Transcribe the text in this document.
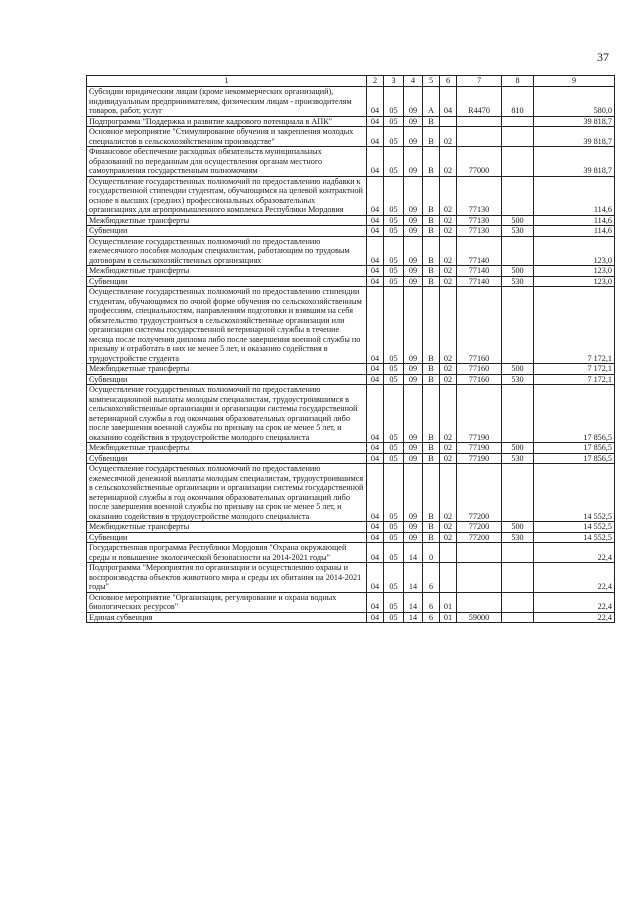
37
1	2	3	4	5	6	7	8	9
Субсидии юридическим лицам (кроме некоммерческих организаций), индивидуальным предпринимателям, физическим лицам - производителям товаров, работ, услуг	04	05	09	А	04	R4470	810	580,0
Подпрограмма "Поддержка и развитие кадрового потенциала в АПК"	04	05	09	В				39 818,7
Основное мероприятие "Стимулирование обучения и закрепления молодых специалистов в сельскохозяйственном производстве"	04	05	09	В	02			39 818,7
Финансовое обеспечение расходных обязательств муниципальных образований по переданным для осуществления органам местного самоуправления государственным полномочиям	04	05	09	В	02	77000		39 818,7
Осуществление государственных полномочий по предоставлению надбавки к государственной стипендии студентам, обучающимся на целевой контрактной основе в высших (средних) профессиональных образовательных организациях для агропромышленного комплекса Республики Мордовия	04	05	09	В	02	77130		114,6
Межбюджетные трансферты	04	05	09	В	02	77130	500	114,6
Субвенции	04	05	09	В	02	77130	530	114,6
Осуществление государственных полномочий по предоставлению ежемесячного пособия молодым специалистам, работающим по трудовым договорам в сельскохозяйственных организациях	04	05	09	В	02	77140		123,0
Межбюджетные трансферты	04	05	09	В	02	77140	500	123,0
Субвенции	04	05	09	В	02	77140	530	123,0
Осуществление государственных полномочий по предоставлению стипендии студентам, обучающимся по очной форме обучения по сельскохозяйственным профессиям, специальностям, направлениям подготовки и взявшим на себя обязательство трудоустроиться в сельскохозяйственные организации или организации системы государственной ветеринарной службы в течение месяца после получения диплома либо после завершения военной службы по призыву и отработать в них не менее 5 лет, и оказанию содействия в трудоустройстве студента	04	05	09	В	02	77160		7 172,1
Межбюджетные трансферты	04	05	09	В	02	77160	500	7 172,1
Субвенции	04	05	09	В	02	77160	530	7 172,1
Осуществление государственных полномочий по предоставлению компенсационной выплаты молодым специалистам, трудоустроившимся в сельскохозяйственные организации и организации системы государственной ветеринарной службы в год окончания образовательных организаций либо после завершения военной службы по призыву на срок не менее 5 лет, и оказанию содействия в трудоустройстве молодого специалиста	04	05	09	В	02	77190		17 856,5
Межбюджетные трансферты	04	05	09	В	02	77190	500	17 856,5
Субвенции	04	05	09	В	02	77190	530	17 856,5
Осуществление государственных полномочий по предоставлению ежемесячной денежной выплаты молодым специалистам, трудоустроившимся в сельскохозяйственные организации и организации системы государственной ветеринарной службы в год окончания образовательных организаций либо после завершения военной службы по призыву на срок не менее 5 лет, и оказанию содействия в трудоустройстве молодого специалиста	04	05	09	В	02	77200		14 552,5
Межбюджетные трансферты	04	05	09	В	02	77200	500	14 552,5
Субвенции	04	05	09	В	02	77200	530	14 552,5
Государственная программа Республики Мордовия "Охрана окружающей среды и повышение экологической безопасности на 2014-2021 годы"	04	05	14	0				22,4
Подпрограмма "Мероприятия по организации и осуществлению охраны и воспроизводства объектов животного мира и среды их обитания на 2014-2021 годы"	04	05	14	6				22,4
Основное мероприятие "Организация, регулирование и охрана водных биологических ресурсов"	04	05	14	6	01			22,4
Единая субвенция	04	05	14	6	01	59000		22,4
